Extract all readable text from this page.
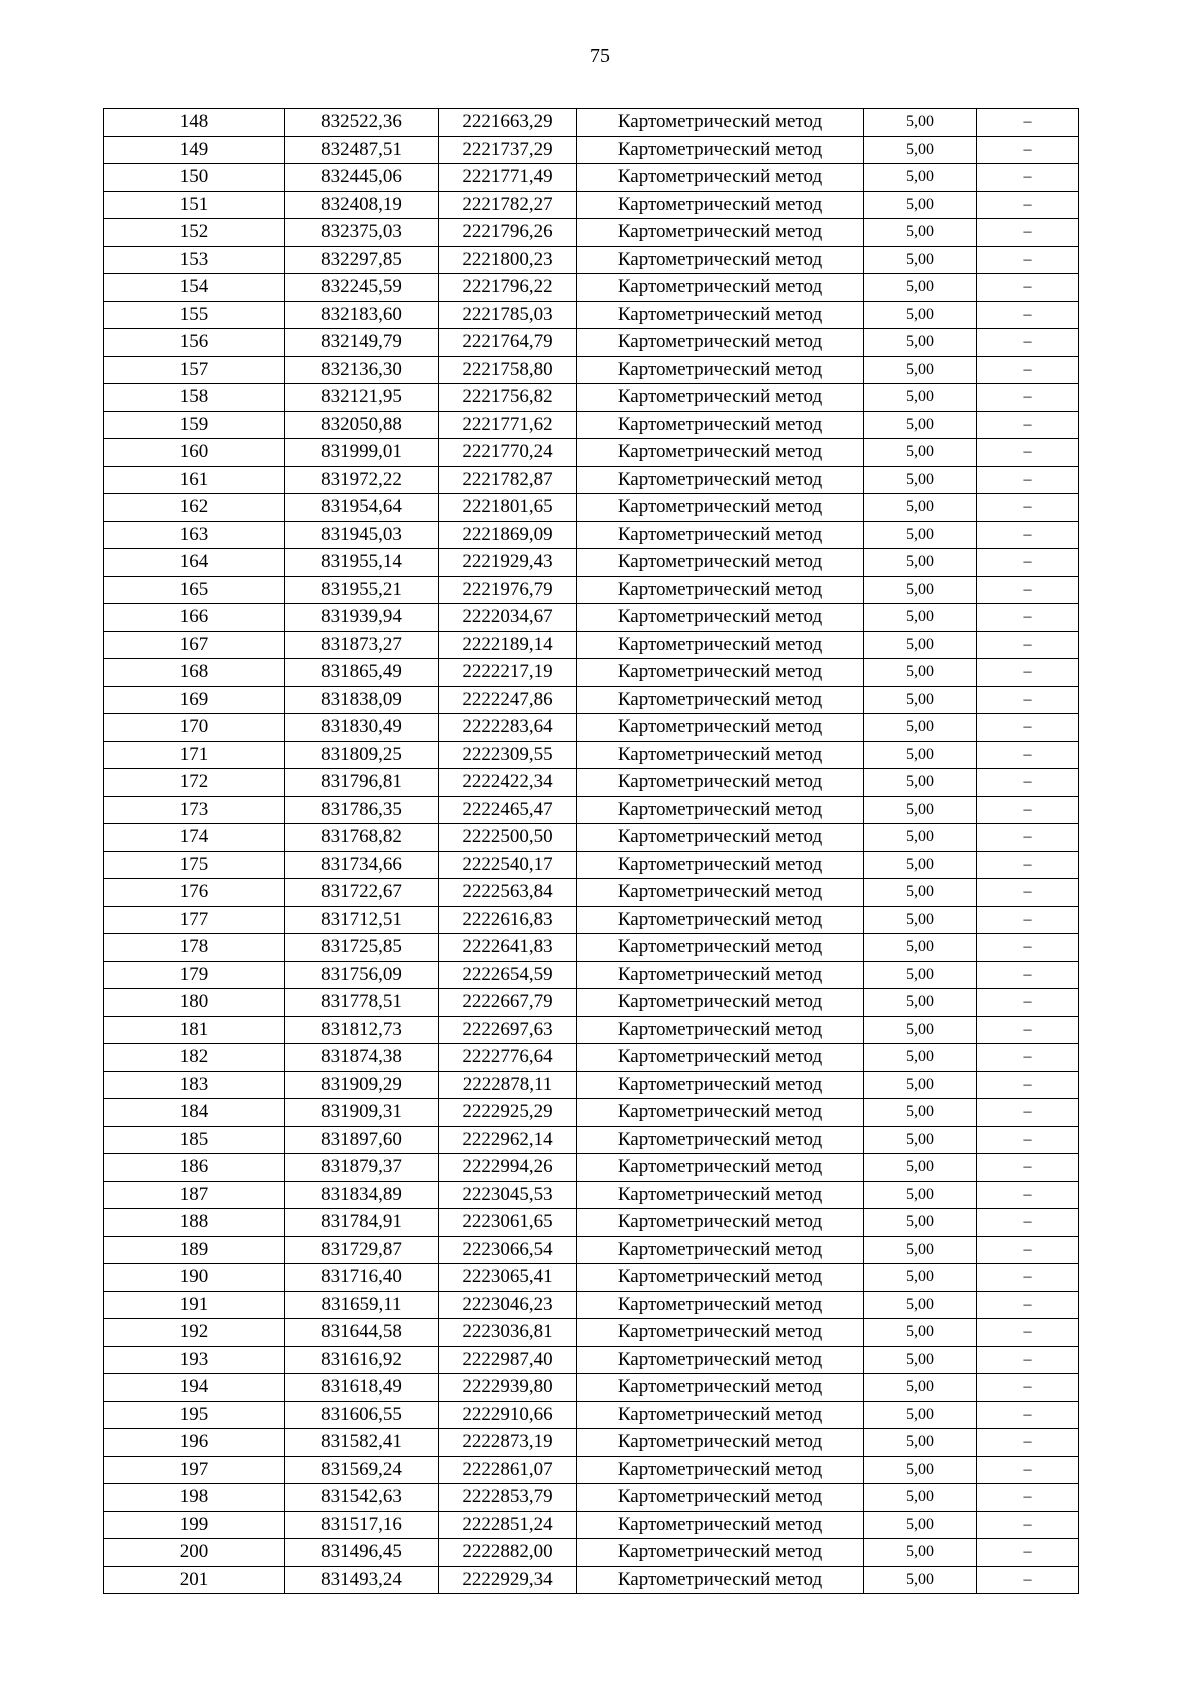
75
148	832522,36	2221663,29	Картометрический метод	5,00	–
149	832487,51	2221737,29	Картометрический метод	5,00	–
150	832445,06	2221771,49	Картометрический метод	5,00	–
151	832408,19	2221782,27	Картометрический метод	5,00	–
152	832375,03	2221796,26	Картометрический метод	5,00	–
153	832297,85	2221800,23	Картометрический метод	5,00	–
154	832245,59	2221796,22	Картометрический метод	5,00	–
155	832183,60	2221785,03	Картометрический метод	5,00	–
156	832149,79	2221764,79	Картометрический метод	5,00	–
157	832136,30	2221758,80	Картометрический метод	5,00	–
158	832121,95	2221756,82	Картометрический метод	5,00	–
159	832050,88	2221771,62	Картометрический метод	5,00	–
160	831999,01	2221770,24	Картометрический метод	5,00	–
161	831972,22	2221782,87	Картометрический метод	5,00	–
162	831954,64	2221801,65	Картометрический метод	5,00	–
163	831945,03	2221869,09	Картометрический метод	5,00	–
164	831955,14	2221929,43	Картометрический метод	5,00	–
165	831955,21	2221976,79	Картометрический метод	5,00	–
166	831939,94	2222034,67	Картометрический метод	5,00	–
167	831873,27	2222189,14	Картометрический метод	5,00	–
168	831865,49	2222217,19	Картометрический метод	5,00	–
169	831838,09	2222247,86	Картометрический метод	5,00	–
170	831830,49	2222283,64	Картометрический метод	5,00	–
171	831809,25	2222309,55	Картометрический метод	5,00	–
172	831796,81	2222422,34	Картометрический метод	5,00	–
173	831786,35	2222465,47	Картометрический метод	5,00	–
174	831768,82	2222500,50	Картометрический метод	5,00	–
175	831734,66	2222540,17	Картометрический метод	5,00	–
176	831722,67	2222563,84	Картометрический метод	5,00	–
177	831712,51	2222616,83	Картометрический метод	5,00	–
178	831725,85	2222641,83	Картометрический метод	5,00	–
179	831756,09	2222654,59	Картометрический метод	5,00	–
180	831778,51	2222667,79	Картометрический метод	5,00	–
181	831812,73	2222697,63	Картометрический метод	5,00	–
182	831874,38	2222776,64	Картометрический метод	5,00	–
183	831909,29	2222878,11	Картометрический метод	5,00	–
184	831909,31	2222925,29	Картометрический метод	5,00	–
185	831897,60	2222962,14	Картометрический метод	5,00	–
186	831879,37	2222994,26	Картометрический метод	5,00	–
187	831834,89	2223045,53	Картометрический метод	5,00	–
188	831784,91	2223061,65	Картометрический метод	5,00	–
189	831729,87	2223066,54	Картометрический метод	5,00	–
190	831716,40	2223065,41	Картометрический метод	5,00	–
191	831659,11	2223046,23	Картометрический метод	5,00	–
192	831644,58	2223036,81	Картометрический метод	5,00	–
193	831616,92	2222987,40	Картометрический метод	5,00	–
194	831618,49	2222939,80	Картометрический метод	5,00	–
195	831606,55	2222910,66	Картометрический метод	5,00	–
196	831582,41	2222873,19	Картометрический метод	5,00	–
197	831569,24	2222861,07	Картометрический метод	5,00	–
198	831542,63	2222853,79	Картометрический метод	5,00	–
199	831517,16	2222851,24	Картометрический метод	5,00	–
200	831496,45	2222882,00	Картометрический метод	5,00	–
201	831493,24	2222929,34	Картометрический метод	5,00	–
